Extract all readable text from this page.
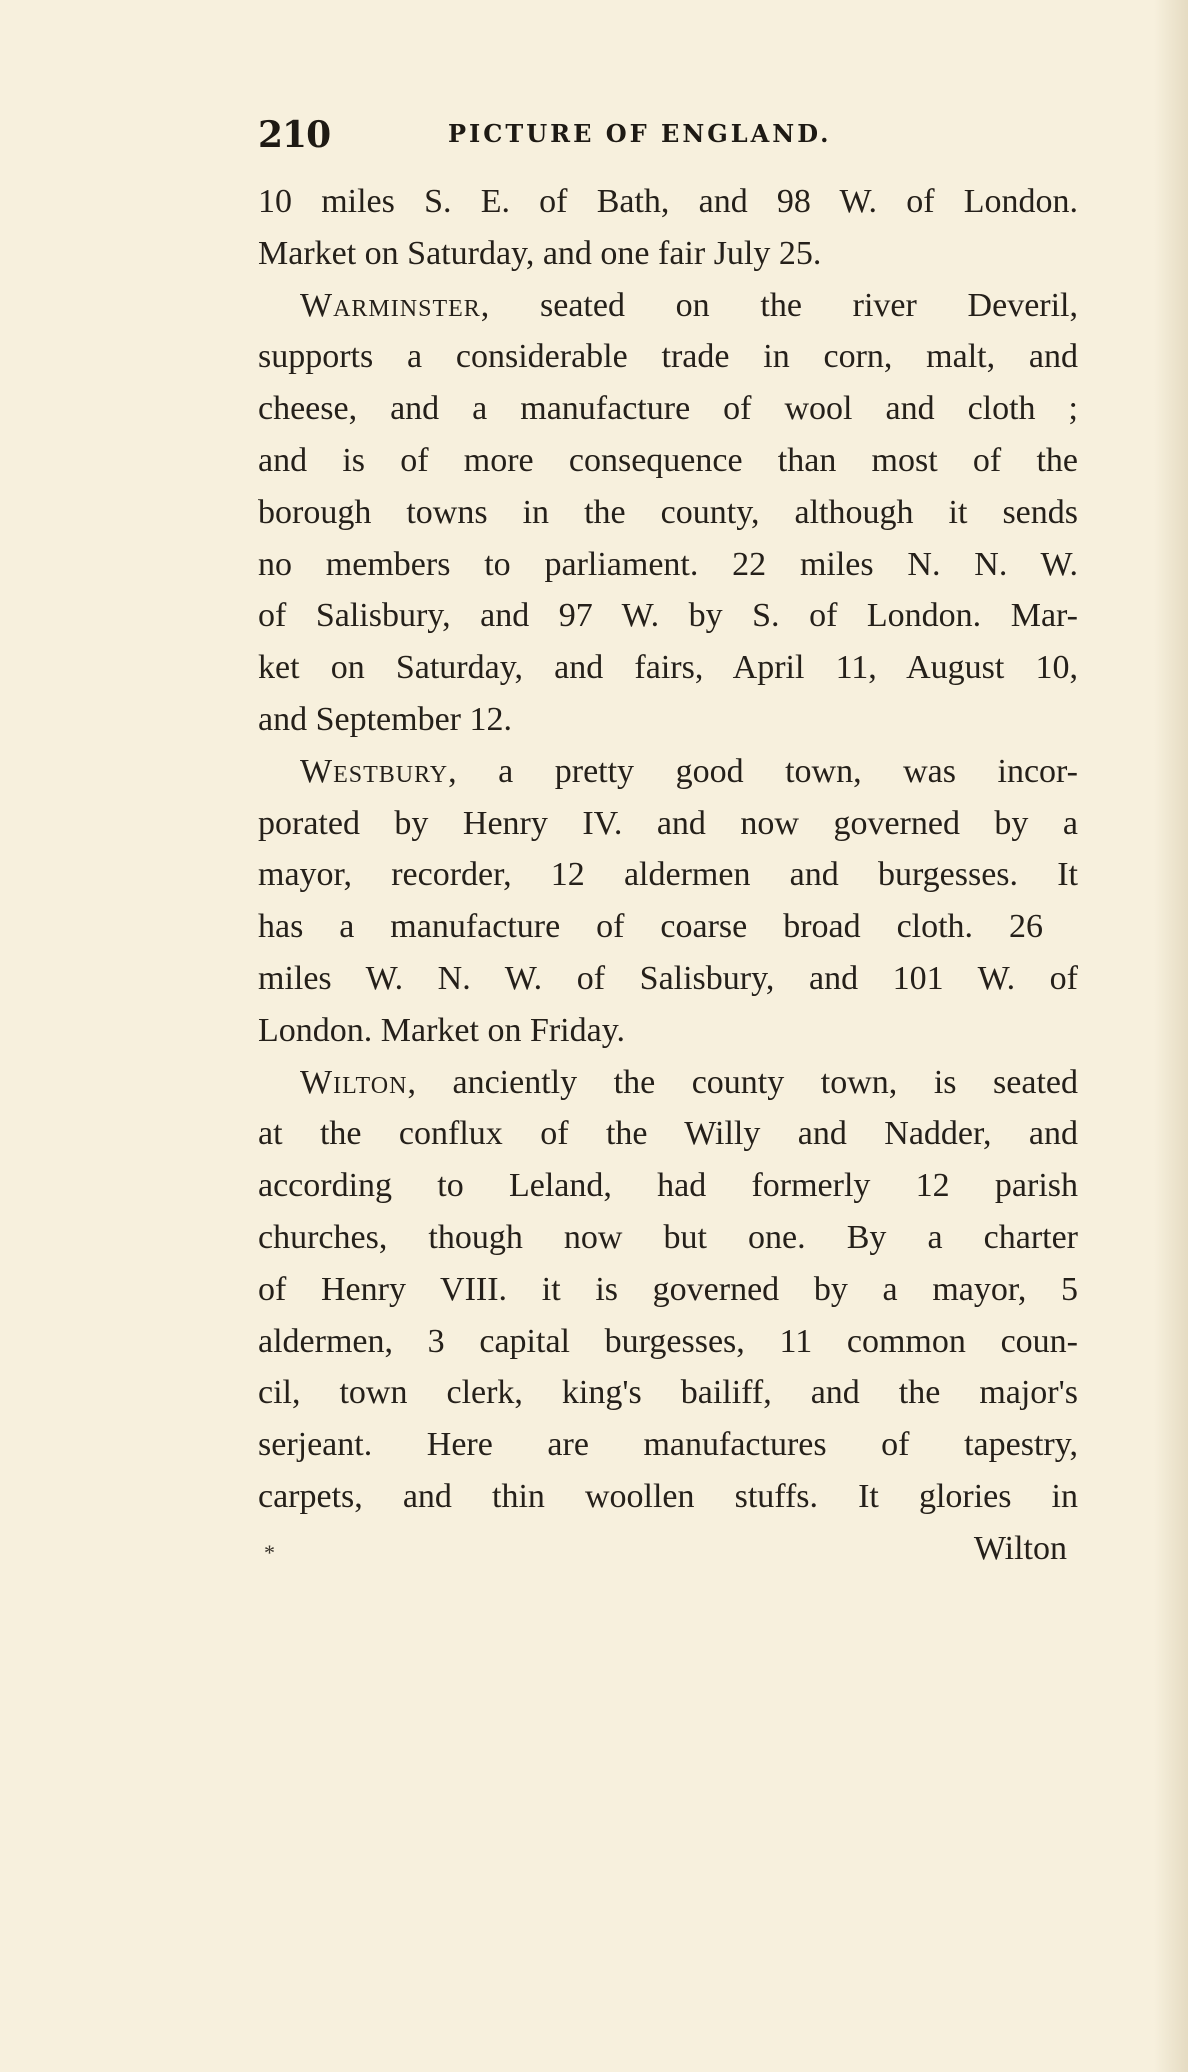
210	PICTURE OF ENGLAND.
10 miles S. E. of Bath, and 98 W. of London.
Market on Saturday, and one fair July 25.
Warminster, seated on the river Deveril,
supports a considerable trade in corn, malt, and
cheese, and a manufacture of wool and cloth ;
and is of more consequence than most of the
borough towns in the county, although it sends
no members to parliament. 22 miles N. N. W.
of Salisbury, and 97 W. by S. of London. Mar-
ket on Saturday, and fairs, April 11, August 10,
and September 12.
Westbury, a pretty good town, was incor-
porated by Henry IV. and now governed by a
mayor, recorder, 12 aldermen and burgesses. It
has a manufacture of coarse broad cloth. 26
miles W. N. W. of Salisbury, and 101 W. of
London. Market on Friday.
Wilton, anciently the county town, is seated
at the conflux of the Willy and Nadder, and
according to Leland, had formerly 12 parish
churches, though now but one. By a charter
of Henry VIII. it is governed by a mayor, 5
aldermen, 3 capital burgesses, 11 common coun-
cil, town clerk, king's bailiff, and the major's
serjeant. Here are manufactures of tapestry,
carpets, and thin woollen stuffs. It glories in
*	Wilton
